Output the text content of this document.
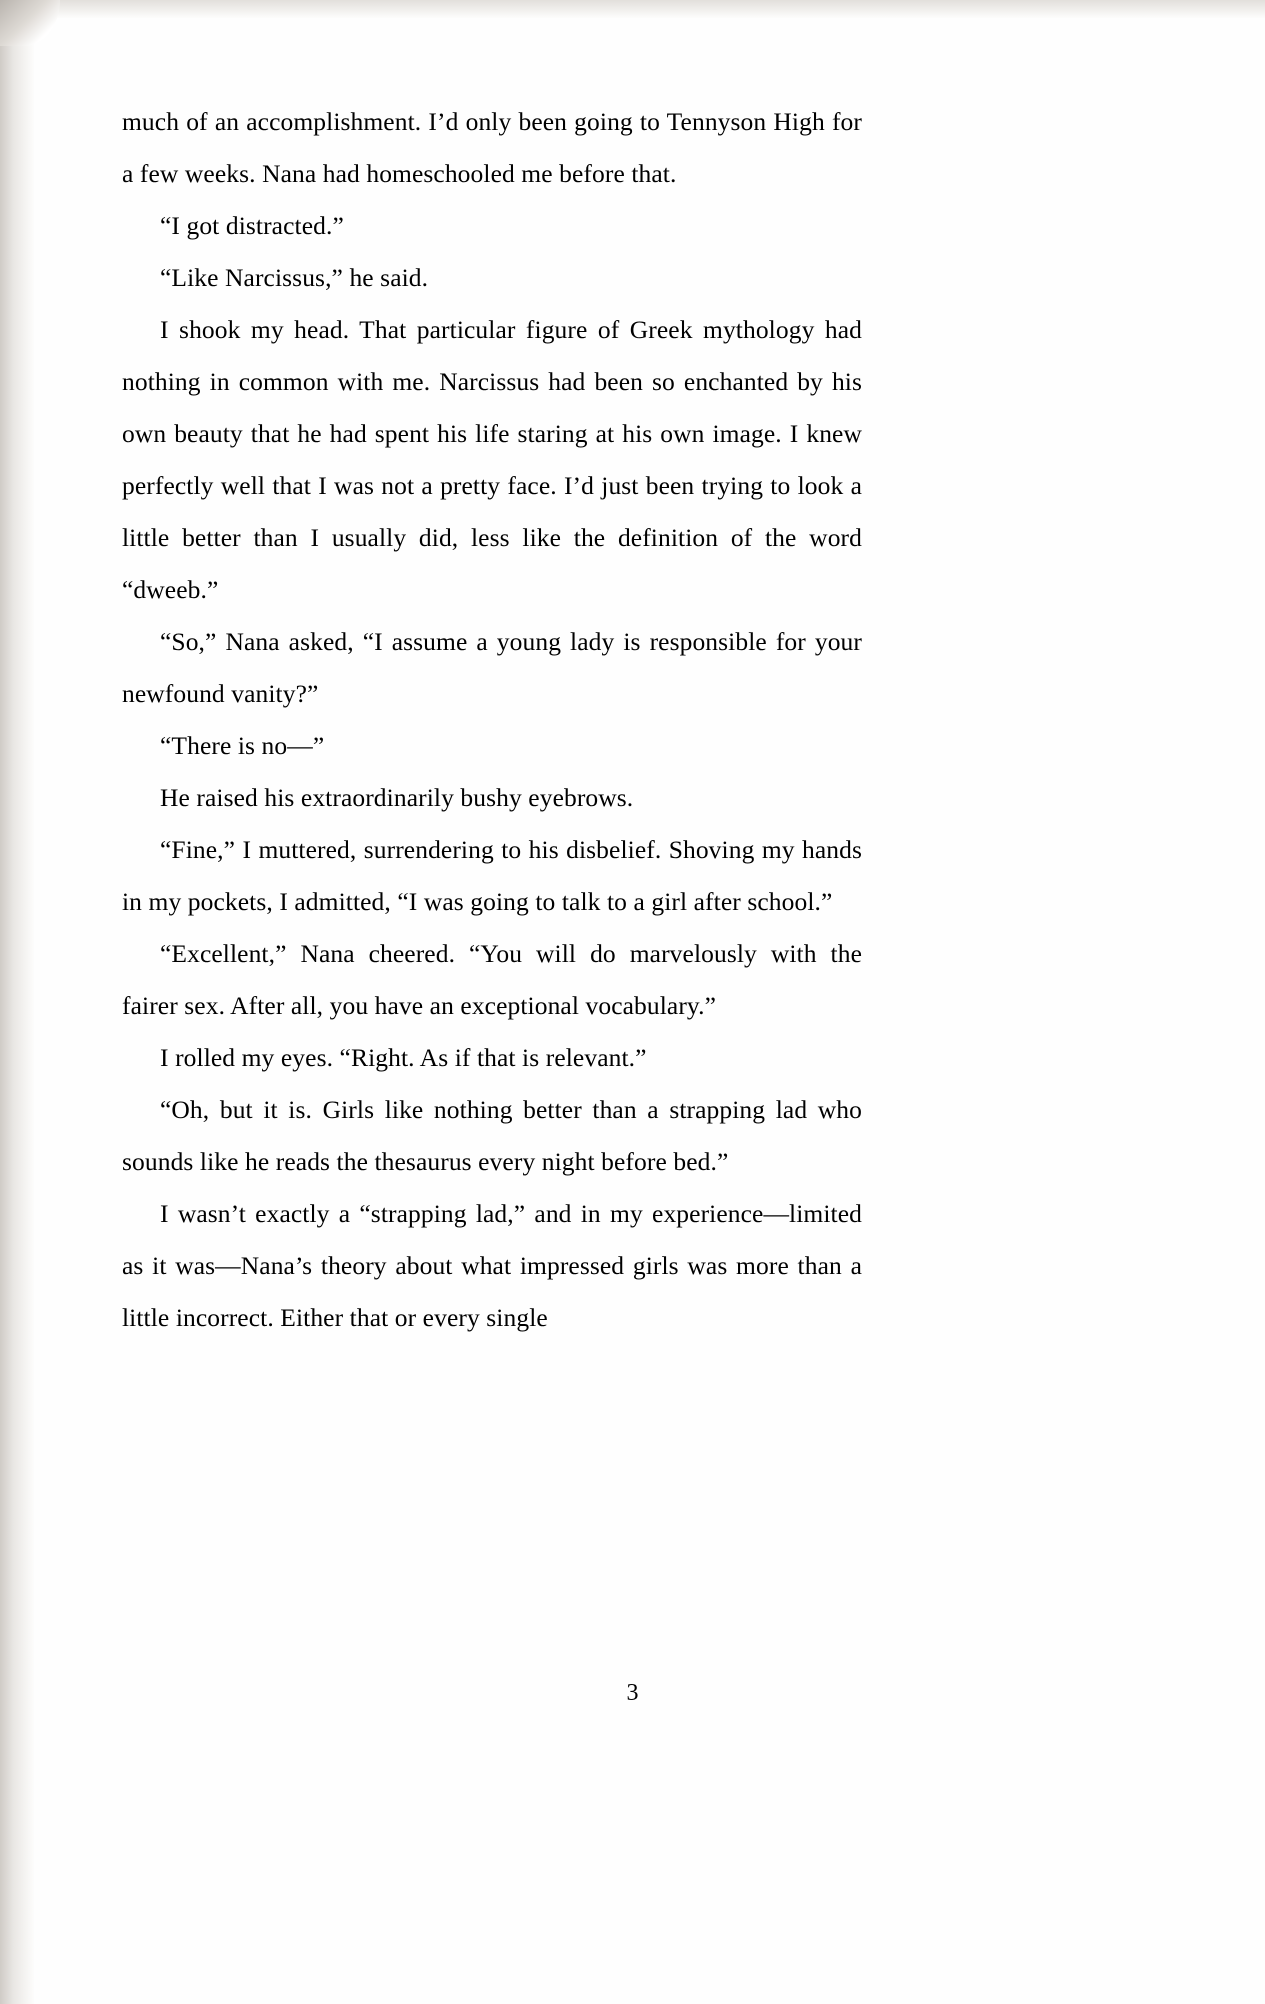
much of an accomplishment. I’d only been going to Tennyson High for a few weeks. Nana had homeschooled me before that.

“I got distracted.”

“Like Narcissus,” he said.

I shook my head. That particular figure of Greek mythology had nothing in common with me. Narcissus had been so enchanted by his own beauty that he had spent his life staring at his own image. I knew perfectly well that I was not a pretty face. I’d just been trying to look a little better than I usually did, less like the definition of the word “dweeb.”

“So,” Nana asked, “I assume a young lady is responsible for your newfound vanity?”

“There is no—”

He raised his extraordinarily bushy eyebrows.

“Fine,” I muttered, surrendering to his disbelief. Shoving my hands in my pockets, I admitted, “I was going to talk to a girl after school.”

“Excellent,” Nana cheered. “You will do marvelously with the fairer sex. After all, you have an exceptional vocabulary.”

I rolled my eyes. “Right. As if that is relevant.”

“Oh, but it is. Girls like nothing better than a strapping lad who sounds like he reads the thesaurus every night before bed.”

I wasn’t exactly a “strapping lad,” and in my experience—limited as it was—Nana’s theory about what impressed girls was more than a little incorrect. Either that or every single

3
